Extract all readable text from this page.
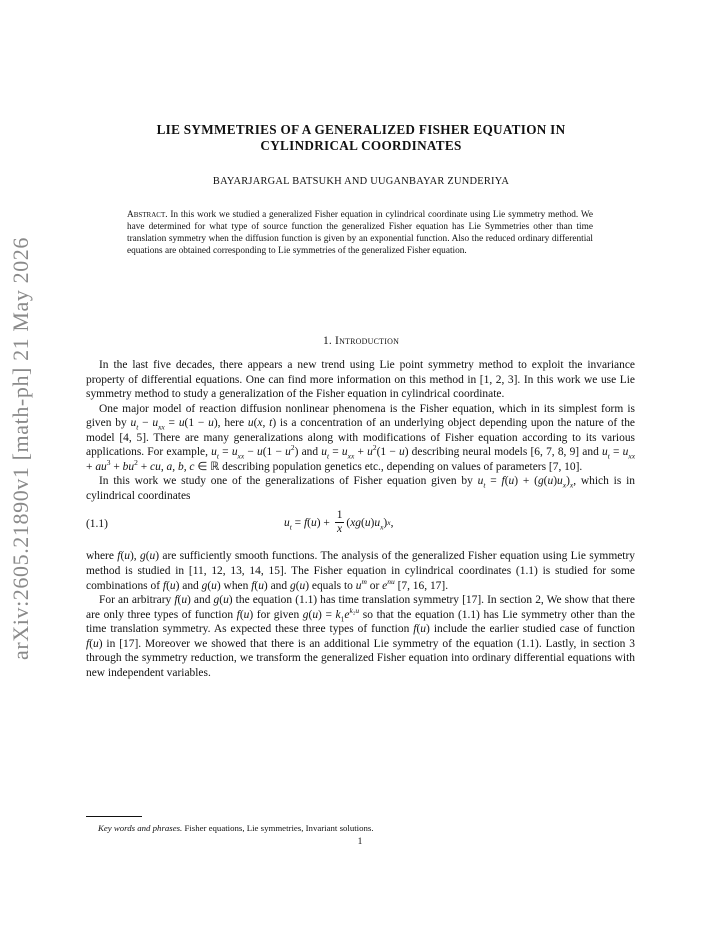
arXiv:2605.21890v1 [math-ph] 21 May 2026
LIE SYMMETRIES OF A GENERALIZED FISHER EQUATION IN
CYLINDRICAL COORDINATES
BAYARJARGAL BATSUKH AND UUGANBAYAR ZUNDERIYA
Abstract. In this work we studied a generalized Fisher equation in cylindrical coordinate using Lie symmetry method. We have determined for what type of source function the generalized Fisher equation has Lie Symmetries other than time translation symmetry when the diffusion function is given by an exponential function. Also the reduced ordinary differential equations are obtained corresponding to Lie symmetries of the generalized Fisher equation.
1. Introduction

In the last five decades, there appears a new trend using Lie point symmetry method to exploit the invariance property of differential equations. One can find more information on this method in [1, 2, 3]. In this work we use Lie symmetry method to study a generalization of the Fisher equation in cylindrical coordinate.

One major model of reaction diffusion nonlinear phenomena is the Fisher equation, which in its simplest form is given by $u_t - u_{xx} = u(1 - u)$, here u(x, t) is a concentration of an underlying object depending upon the nature of the model [4, 5]. There are many generalizations along with modifications of Fisher equation according to its various applications. For example, $u_t = u_{xx} - u(1 - u^2)$ and $u_t = u_{xx} + u^2(1 - u)$ describing neural models [6, 7, 8, 9] and $u_t = u_{xx} + au^3 + bu^2$ + cu, a, b, c ∈ ℝ describing population genetics etc., depending on values of parameters [7, 10].

In this work we study one of the generalizations of Fisher equation given by $u_t = f(u) + (g(u)u_x)_x$, which is in cylindrical coordinates

(1.1)	$u_t = f$ ( u ) + $\frac{1}{x}$ ( xg ( u ) $u_x$ ) x ,

where f(u), g(u) are sufficiently smooth functions. The analysis of the generalized Fisher equation using Lie symmetry method is studied in [11, 12, 13, 14, 15]. The Fisher equation in cylindrical coordinates (1.1) is studied for some combinations of f(u) and g(u) when f(u) and g(u) equals to $u^m$ or $e^{nu}$ [7, 16, 17].

For an arbitrary f(u) and g(u) the equation (1.1) has time translation symmetry [17]. In section 2, We show that there are only three types of function f(u) for given $g(u) = k_1e^{k_2u}$ so that the equation (1.1) has Lie symmetry other than the time translation symmetry. As expected these three types of function f(u) include the earlier studied case of function f(u) in [17]. Moreover we showed that there is an additional Lie symmetry of the equation (1.1). Lastly, in section 3 through the symmetry reduction, we transform the generalized Fisher equation into ordinary differential equations with new independent variables.

Key words and phrases. Fisher equations, Lie symmetries, Invariant solutions.
1
